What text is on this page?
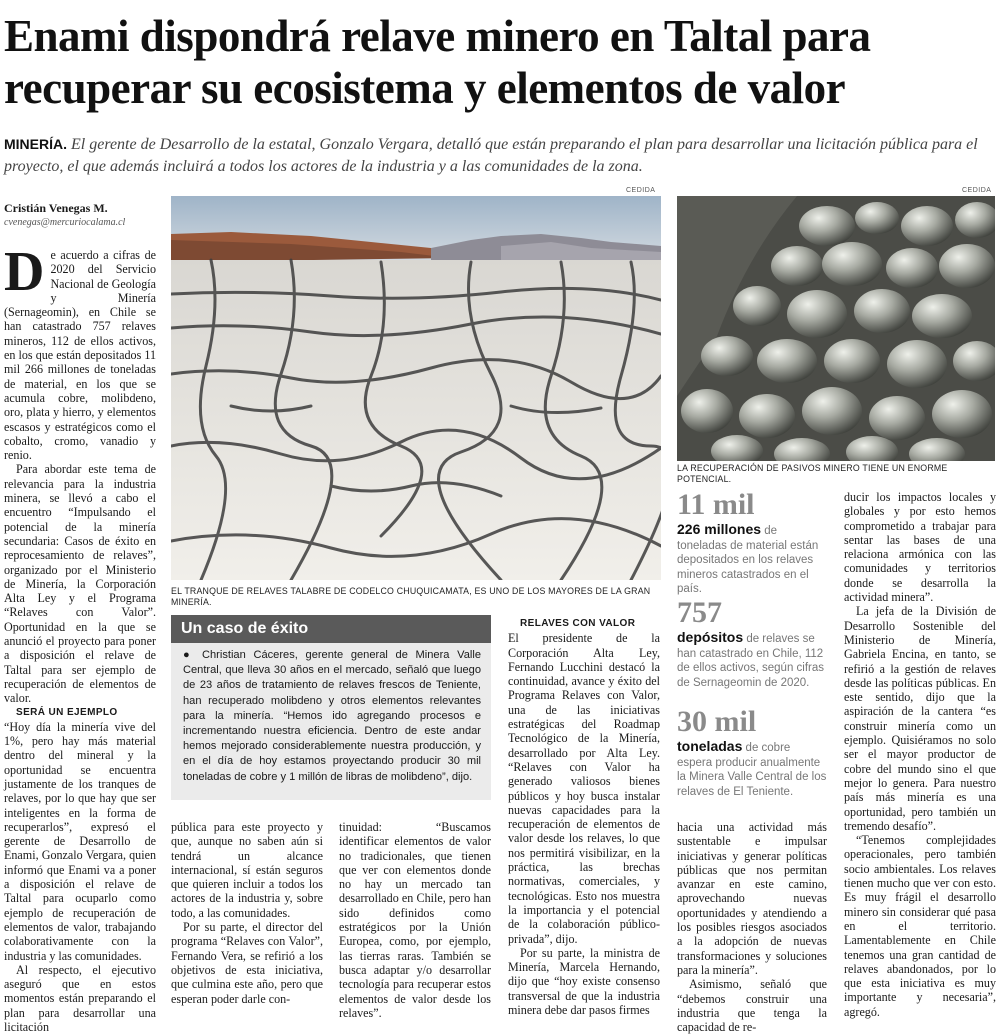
Enami dispondrá relave minero en Taltal para recuperar su ecosistema y elementos de valor
MINERÍA. El gerente de Desarrollo de la estatal, Gonzalo Vergara, detalló que están preparando el plan para desarrollar una licitación pública para el proyecto, el que además incluirá a todos los actores de la industria y a las comunidades de la zona.
Cristián Venegas M.
cvenegas@mercuriocalama.cl

De acuerdo a cifras de 2020 del Servicio Nacional de Geología y Minería (Sernageomin), en Chile se han catastrado 757 relaves mineros, 112 de ellos activos, en los que están depositados 11 mil 266 millones de toneladas de material, en los que se acumula cobre, molibdeno, oro, plata y hierro, y elementos escasos y estratégicos como el cobalto, cromo, vanadio y renio.

Para abordar este tema de relevancia para la industria minera, se llevó a cabo el encuentro “Impulsando el potencial de la minería secundaria: Casos de éxito en reprocesamiento de relaves”, organizado por el Ministerio de Minería, la Corporación Alta Ley y el Programa “Relaves con Valor”. Oportunidad en la que se anunció el proyecto para poner a disposición el relave de Taltal para ser ejemplo de recuperación de elementos de valor.

SERÁ UN EJEMPLO

“Hoy día la minería vive del 1%, pero hay más material dentro del mineral y la oportunidad se encuentra justamente de los tranques de relaves, por lo que hay que ser inteligentes en la forma de recuperarlos”, expresó el gerente de Desarrollo de Enami, Gonzalo Vergara, quien informó que Enami va a poner a disposición el relave de Taltal para ocuparlo como ejemplo de recuperación de elementos de valor, trabajando colaborativamente con la industria y las comunidades.

Al respecto, el ejecutivo aseguró que en estos momentos están preparando el plan para desarrollar una licitación

CEDIDA
EL TRANQUE DE RELAVES TALABRE DE CODELCO CHUQUICAMATA, ES UNO DE LOS MAYORES DE LA GRAN MINERÍA.
CEDIDA
LA RECUPERACIÓN DE PASIVOS MINERO TIENE UN ENORME POTENCIAL.
Un caso de éxito
● Christian Cáceres, gerente general de Minera Valle Central, que lleva 30 años en el mercado, señaló que luego de 23 años de tratamiento de relaves frescos de Teniente, han recuperado molibdeno y otros elementos relevantes para la minería. “Hemos ido agregando procesos e incrementando nuestra eficiencia. Dentro de este andar hemos mejorado considerablemente nuestra producción, y en el día de hoy estamos proyectando producir 30 mil toneladas de cobre y 1 millón de libras de molibdeno”, dijo.

pública para este proyecto y que, aunque no saben aún si tendrá un alcance internacional, sí están seguros que quieren incluir a todos los actores de la industria y, sobre todo, a las comunidades.

Por su parte, el director del programa “Relaves con Valor”, Fernando Vera, se refirió a los objetivos de esta iniciativa, que culmina este año, pero que esperan poder darle con-

tinuidad: “Buscamos identificar elementos de valor no tradicionales, que tienen que ver con elementos donde no hay un mercado tan desarrollado en Chile, pero han sido definidos como estratégicos por la Unión Europea, como, por ejemplo, las tierras raras. También se busca adaptar y/o desarrollar tecnología para recuperar estos elementos de valor desde los relaves”.

RELAVES CON VALOR

El presidente de la Corporación Alta Ley, Fernando Lucchini destacó la continuidad, avance y éxito del Programa Relaves con Valor, una de las iniciativas estratégicas del Roadmap Tecnológico de la Minería, desarrollado por Alta Ley. “Relaves con Valor ha generado valiosos bienes públicos y hoy busca instalar nuevas capacidades para la recuperación de elementos de valor desde los relaves, lo que nos permitirá visibilizar, en la práctica, las brechas normativas, comerciales, y tecnológicas. Esto nos muestra la importancia y el potencial de la colaboración público-privada”, dijo.

Por su parte, la ministra de Minería, Marcela Hernando, dijo que “hoy existe consenso transversal de que la industria minera debe dar pasos firmes

11 mil
226 millones de toneladas de material están depositados en los relaves mineros catastrados en el país.
757
depósitos de relaves se han catastrado en Chile, 112 de ellos activos, según cifras de Sernageomin de 2020.
30 mil
toneladas de cobre espera producir anualmente la Minera Valle Central de los relaves de El Teniente.

hacia una actividad más sustentable e impulsar iniciativas y generar políticas públicas que nos permitan avanzar en este camino, aprovechando nuevas oportunidades y atendiendo a los posibles riesgos asociados a la adopción de nuevas transformaciones y soluciones para la minería”.

Asimismo, señaló que “debemos construir una industria que tenga la capacidad de re-

ducir los impactos locales y globales y por esto hemos comprometido a trabajar para sentar las bases de una relaciona armónica con las comunidades y territorios donde se desarrolla la actividad minera”.

La jefa de la División de Desarrollo Sostenible del Ministerio de Minería, Gabriela Encina, en tanto, se refirió a la gestión de relaves desde las políticas públicas. En este sentido, dijo que la aspiración de la cantera “es construir minería como un ejemplo. Quisiéramos no solo ser el mayor productor de cobre del mundo sino el que mejor lo genera. Para nuestro país más minería es una oportunidad, pero también un tremendo desafío”.

“Tenemos complejidades operacionales, pero también socio ambientales. Los relaves tienen mucho que ver con esto. Es muy frágil el desarrollo minero sin considerar qué pasa en el territorio. Lamentablemente en Chile tenemos una gran cantidad de relaves abandonados, por lo que esta iniciativa es muy importante y necesaria”, agregó.
